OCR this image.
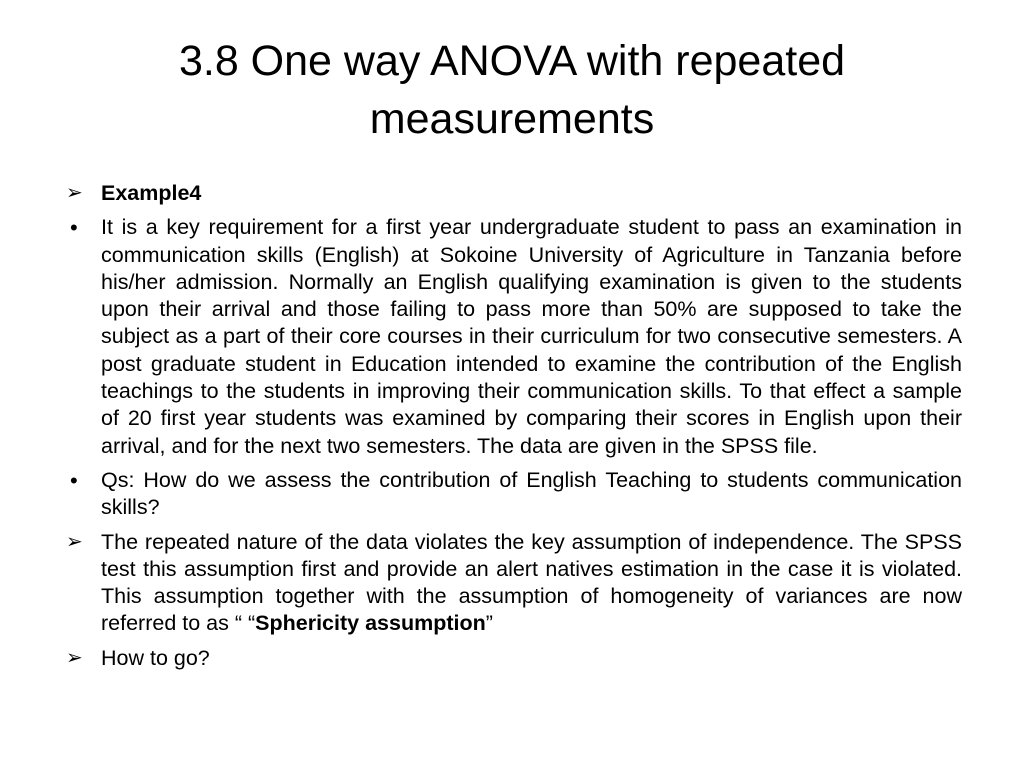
3.8 One way ANOVA with repeated measurements
➢ Example4
•	It is a key requirement for a first year undergraduate student to pass an examination in communication skills (English) at Sokoine University of Agriculture in Tanzania before his/her admission. Normally an English qualifying examination is given to the students upon their arrival and those failing to pass more than 50% are supposed to take the subject as a part of their core courses in their curriculum for two consecutive semesters. A post graduate student in Education intended to examine the contribution of the English teachings to the students in improving their communication skills. To that effect a sample of 20 first year students was examined by comparing their scores in English upon their arrival, and for the next two semesters. The data are given in the SPSS file.
•	Qs: How do we assess the contribution of English Teaching to students communication skills?
➢ The repeated nature of the data violates the key assumption of independence. The SPSS test this assumption first and provide an alert natives estimation in the case it is violated. This assumption together with the assumption of homogeneity of variances are now referred to as “ “Sphericity assumption”
➢ How to go?
